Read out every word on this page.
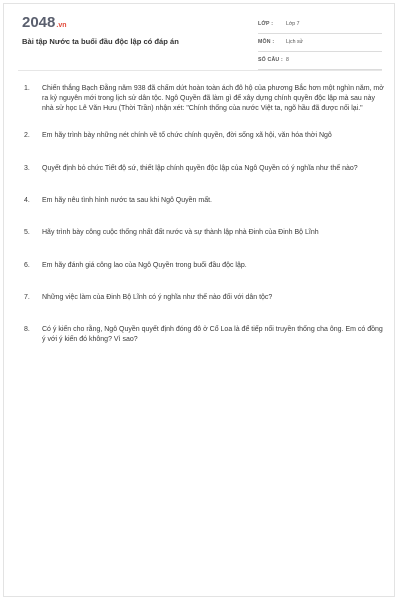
2048.vn
Bài tập Nước ta buổi đầu độc lập có đáp án
LỚP : Lớp 7
MÔN : Lịch sử
SỐ CÂU : 8
1.	Chiến thắng Bạch Đằng năm 938 đã chấm dứt hoàn toàn ách đô hộ của phương Bắc hơn một nghìn năm, mở ra kỷ nguyên mới trong lịch sử dân tộc. Ngô Quyền đã làm gì để xây dựng chính quyền độc lập mà sau này nhà sử học Lê Văn Hưu (Thời Trần) nhận xét: "Chính thống của nước Việt ta, ngõ hầu đã được nối lại."
2.	Em hãy trình bày những nét chính về tổ chức chính quyền, đời sống xã hội, văn hóa thời Ngô
3.	Quyết định bỏ chức Tiết độ sứ, thiết lập chính quyền độc lập của Ngô Quyền có ý nghĩa như thế nào?
4.	Em hãy nêu tình hình nước ta sau khi Ngô Quyền mất.
5.	Hãy trình bày công cuộc thống nhất đất nước và sự thành lập nhà Đinh của Đinh Bộ Lĩnh
6.	Em hãy đánh giá công lao của Ngô Quyền trong buổi đầu độc lập.
7.	Những việc làm của Đinh Bộ Lĩnh có ý nghĩa như thế nào đối với dân tộc?
8.	Có ý kiến cho rằng, Ngô Quyền quyết định đóng đô ở Cổ Loa là để tiếp nối truyền thống cha ông. Em có đồng ý với ý kiến đó không? Vì sao?
